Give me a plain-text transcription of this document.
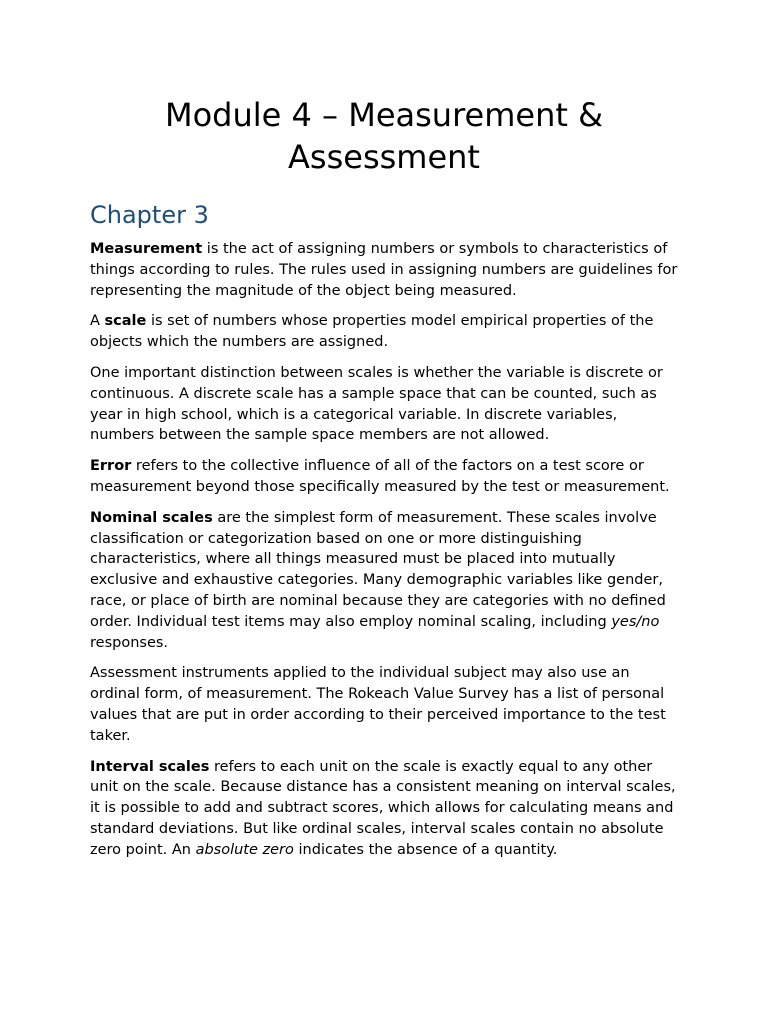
Module 4 – Measurement & Assessment
Chapter 3

Measurement is the act of assigning numbers or symbols to characteristics of things according to rules. The rules used in assigning numbers are guidelines for representing the magnitude of the object being measured.

A scale is set of numbers whose properties model empirical properties of the objects which the numbers are assigned.

One important distinction between scales is whether the variable is discrete or continuous. A discrete scale has a sample space that can be counted, such as year in high school, which is a categorical variable. In discrete variables, numbers between the sample space members are not allowed.

Error refers to the collective influence of all of the factors on a test score or measurement beyond those specifically measured by the test or measurement.

Nominal scales are the simplest form of measurement. These scales involve classification or categorization based on one or more distinguishing characteristics, where all things measured must be placed into mutually exclusive and exhaustive categories. Many demographic variables like gender, race, or place of birth are nominal because they are categories with no defined order. Individual test items may also employ nominal scaling, including yes/no responses.

Assessment instruments applied to the individual subject may also use an ordinal form, of measurement. The Rokeach Value Survey has a list of personal values that are put in order according to their perceived importance to the test taker.

Interval scales refers to each unit on the scale is exactly equal to any other unit on the scale. Because distance has a consistent meaning on interval scales, it is possible to add and subtract scores, which allows for calculating means and standard deviations. But like ordinal scales, interval scales contain no absolute zero point. An absolute zero indicates the absence of a quantity.
